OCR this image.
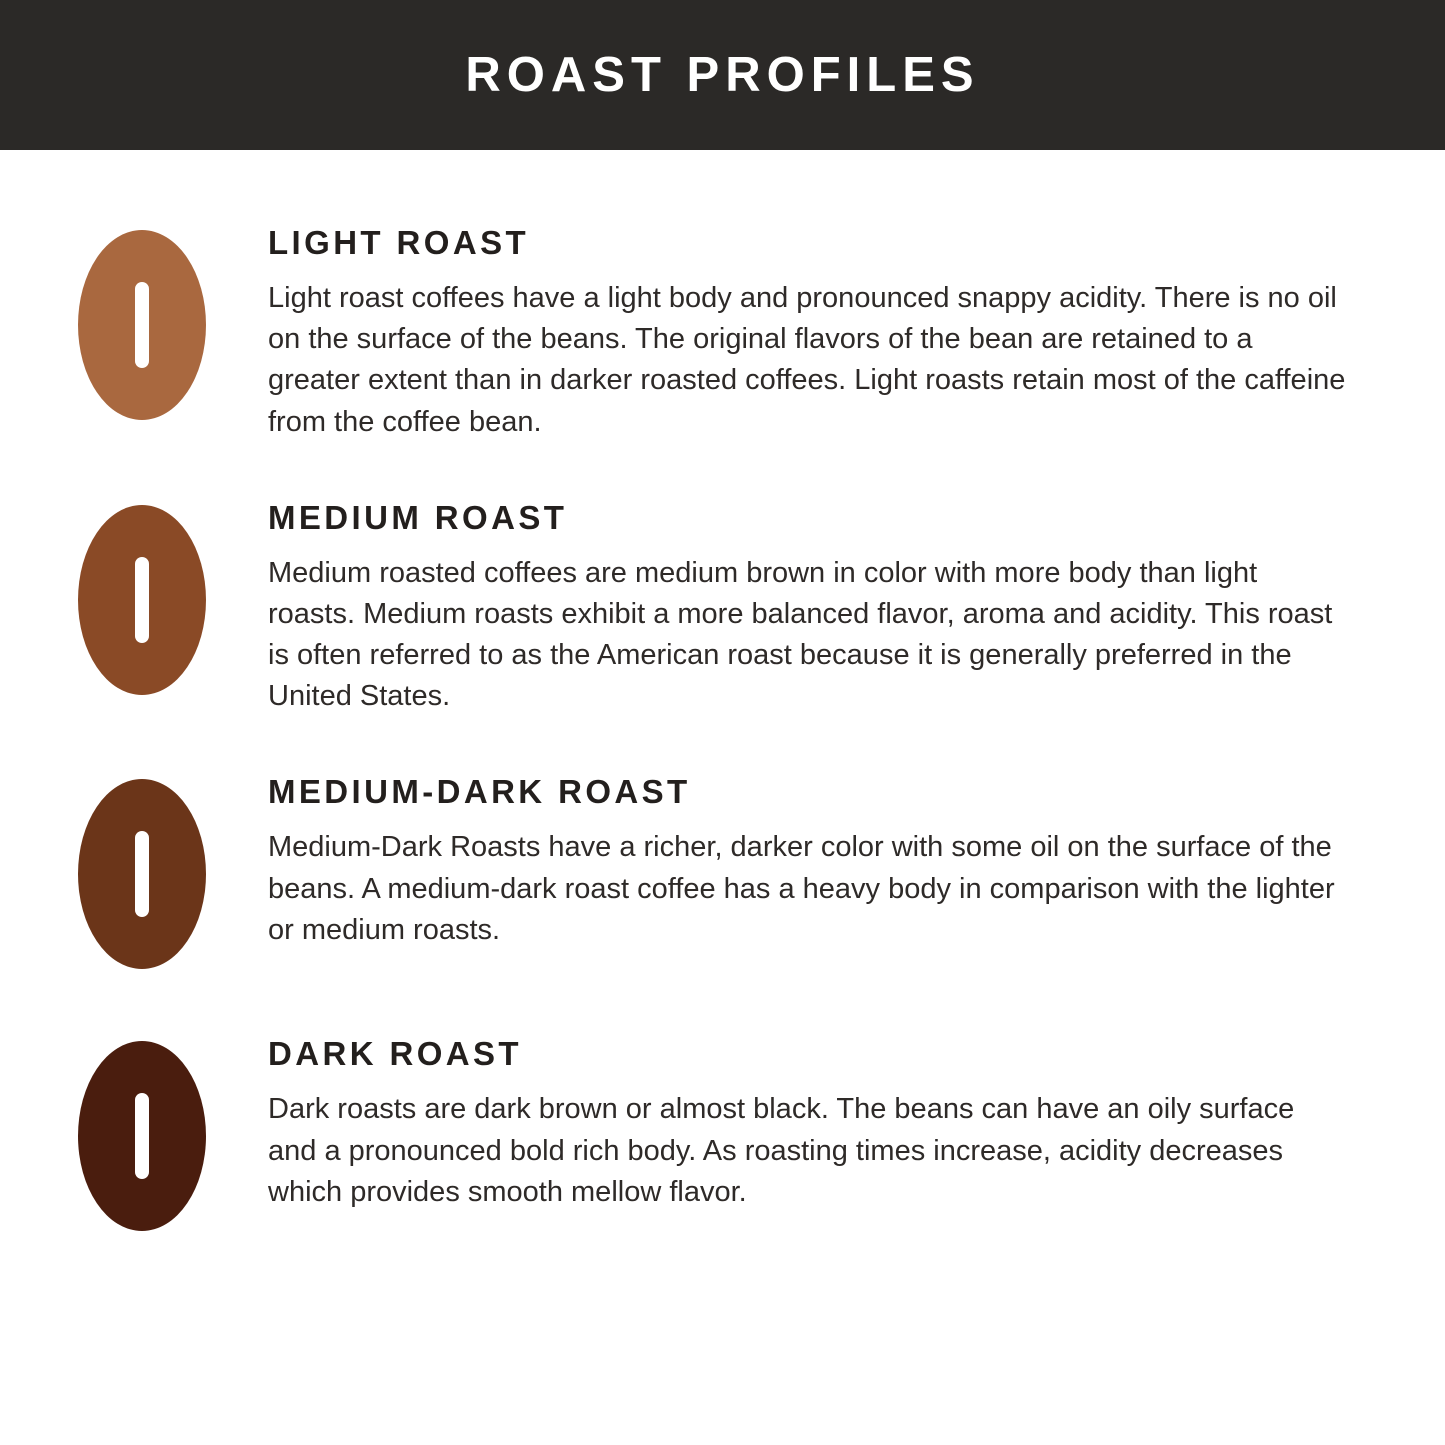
ROAST PROFILES
LIGHT ROAST

Light roast coffees have a light body and pronounced snappy acidity. There is no oil on the surface of the beans. The original flavors of the bean are retained to a greater extent than in darker roasted coffees. Light roasts retain most of the caffeine from the coffee bean.

MEDIUM ROAST

Medium roasted coffees are medium brown in color with more body than light roasts. Medium roasts exhibit a more balanced flavor, aroma and acidity. This roast is often referred to as the American roast because it is generally preferred in the United States.

MEDIUM-DARK ROAST

Medium-Dark Roasts have a richer, darker color with some oil on the surface of the beans. A medium-dark roast coffee has a heavy body in comparison with the lighter or medium roasts.

DARK ROAST

Dark roasts are dark brown or almost black. The beans can have an oily surface and a pronounced bold rich body. As roasting times increase, acidity decreases which provides smooth mellow flavor.
